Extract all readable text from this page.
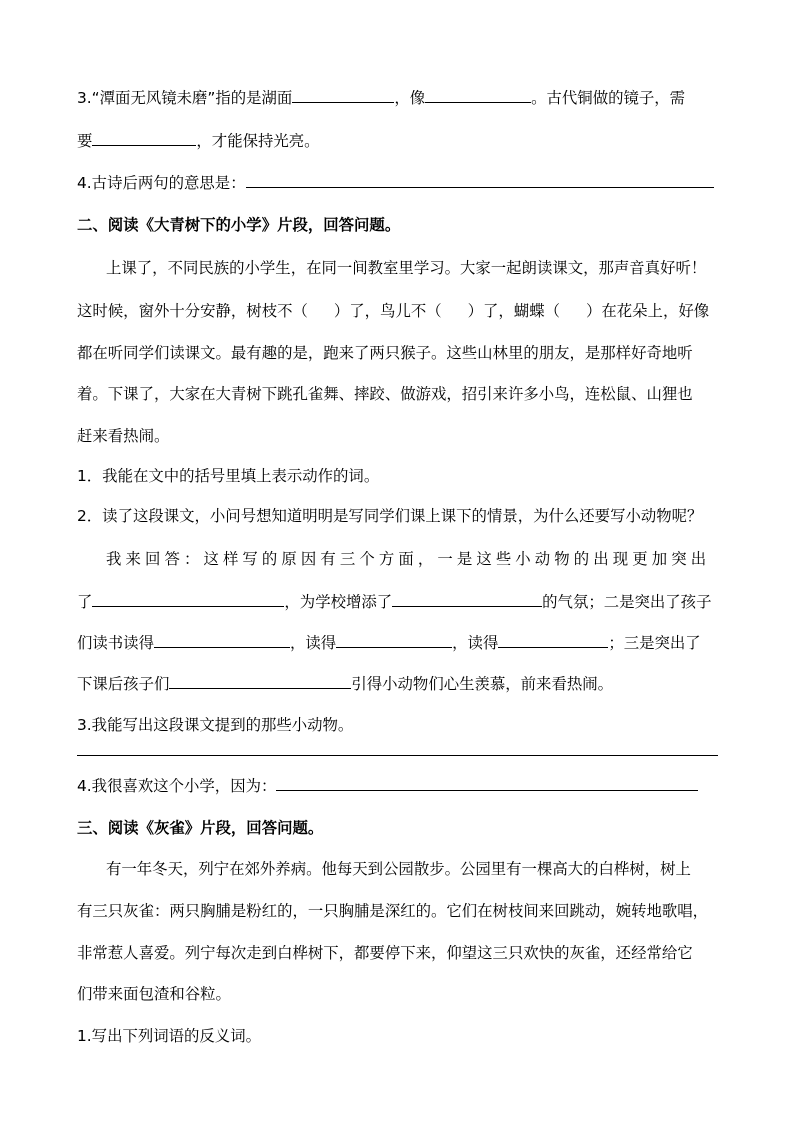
3.“潭面无风镜未磨”指的是湖面	，像	。古代铜做的镜子，需
要	，才能保持光亮。
4.古诗后两句的意思是：
二、阅读《大青树下的小学》片段，回答问题。
上课了，不同民族的小学生，在同一间教室里学习。大家一起朗读课文，那声音真好听！
这时候，窗外十分安静，树枝不（ ）了，鸟儿不（ ）了，蝴蝶（ ）在花朵上，好像
都在听同学们读课文。最有趣的是，跑来了两只猴子。这些山林里的朋友，是那样好奇地听
着。下课了，大家在大青树下跳孔雀舞、摔跤、做游戏，招引来许多小鸟，连松鼠、山狸也
赶来看热闹。
1．我能在文中的括号里填上表示动作的词。
2．读了这段课文，小问号想知道明明是写同学们课上课下的情景，为什么还要写小动物呢？
我来回答：这样写的原因有三个方面，一是这些小动物的出现更加突出
了	，为学校增添了	的气氛；二是突出了孩子
们读书读得	，读得	，读得	；三是突出了
下课后孩子们	引得小动物们心生羡慕，前来看热闹。
3.我能写出这段课文提到的那些小动物。
4.我很喜欢这个小学，因为：
三、阅读《灰雀》片段，回答问题。
有一年冬天，列宁在郊外养病。他每天到公园散步。公园里有一棵高大的白桦树，树上
有三只灰雀：两只胸脯是粉红的，一只胸脯是深红的。它们在树枝间来回跳动，婉转地歌唱，
非常惹人喜爱。列宁每次走到白桦树下，都要停下来，仰望这三只欢快的灰雀，还经常给它
们带来面包渣和谷粒。
1.写出下列词语的反义词。
